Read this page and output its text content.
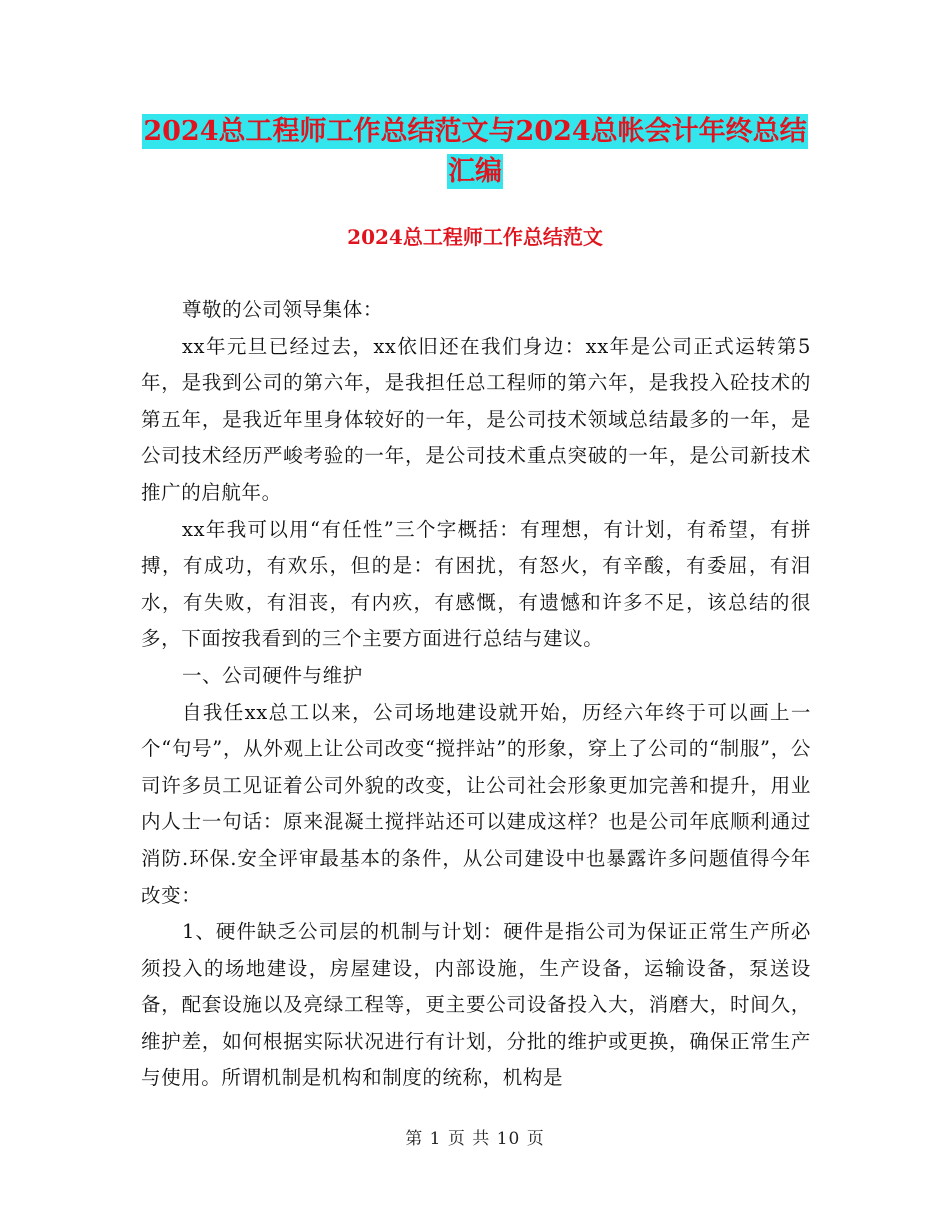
2024总工程师工作总结范文与2024总帐会计年终总结
汇编
2024总工程师工作总结范文

尊敬的公司领导集体：

xx年元旦已经过去，xx依旧还在我们身边：xx年是公司正式运转第5年，是我到公司的第六年，是我担任总工程师的第六年，是我投入砼技术的第五年，是我近年里身体较好的一年，是公司技术领域总结最多的一年，是公司技术经历严峻考验的一年，是公司技术重点突破的一年，是公司新技术推广的启航年。

xx年我可以用“有任性”三个字概括：有理想，有计划，有希望，有拼搏，有成功，有欢乐，但的是：有困扰，有怒火，有辛酸，有委屈，有泪水，有失败，有泪丧，有内疚，有感慨，有遗憾和许多不足，该总结的很多，下面按我看到的三个主要方面进行总结与建议。

一、公司硬件与维护

自我任xx总工以来，公司场地建设就开始，历经六年终于可以画上一个“句号”，从外观上让公司改变“搅拌站”的形象，穿上了公司的“制服”，公司许多员工见证着公司外貌的改变，让公司社会形象更加完善和提升，用业内人士一句话：原来混凝土搅拌站还可以建成这样？也是公司年底顺利通过消防.环保.安全评审最基本的条件，从公司建设中也暴露许多问题值得今年改变：

1、硬件缺乏公司层的机制与计划：硬件是指公司为保证正常生产所必须投入的场地建设，房屋建设，内部设施，生产设备，运输设备，泵送设备，配套设施以及亮绿工程等，更主要公司设备投入大，消磨大，时间久，维护差，如何根据实际状况进行有计划，分批的维护或更换，确保正常生产与使用。所谓机制是机构和制度的统称，机构是

第 1 页 共 10 页
